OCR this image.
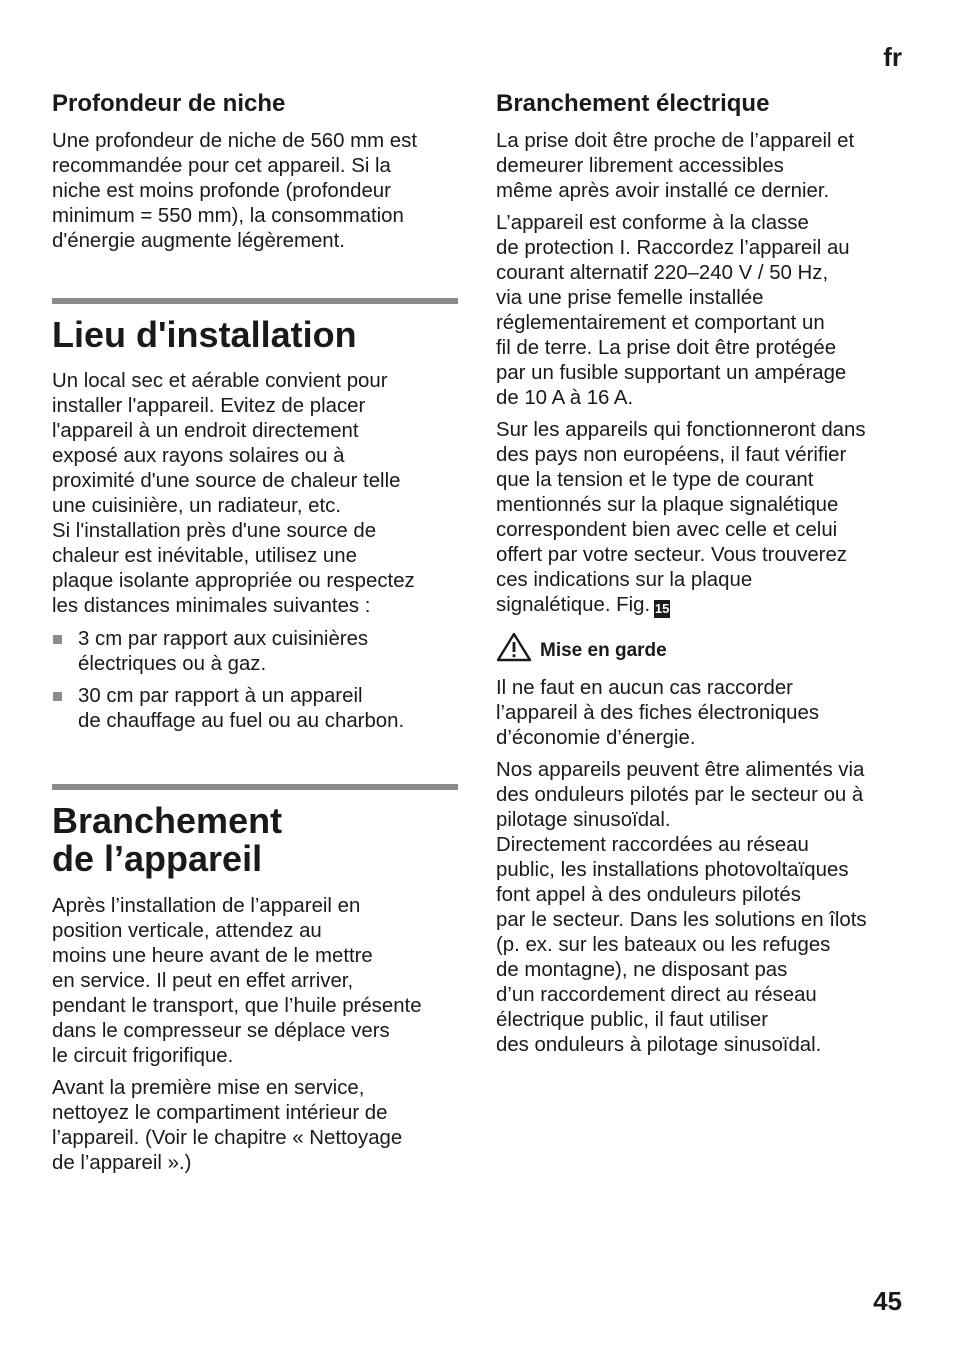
fr
Profondeur de niche

Une profondeur de niche de 560 mm est
recommandée pour cet appareil. Si la
niche est moins profonde (profondeur
minimum = 550 mm), la consommation
d'énergie augmente légèrement.

Lieu d'installation

Un local sec et aérable convient pour
installer l'appareil. Evitez de placer
l'appareil à un endroit directement
exposé aux rayons solaires ou à
proximité d'une source de chaleur telle
une cuisinière, un radiateur, etc.
Si l'installation près d'une source de
chaleur est inévitable, utilisez une
plaque isolante appropriée ou respectez
les distances minimales suivantes :

3 cm par rapport aux cuisinières
électriques ou à gaz.
30 cm par rapport à un appareil
de chauffage au fuel ou au charbon.
Branchement
de l’appareil

Après l’installation de l’appareil en
position verticale, attendez au
moins une heure avant de le mettre
en service. Il peut en effet arriver,
pendant le transport, que l’huile présente
dans le compresseur se déplace vers
le circuit frigorifique.

Avant la première mise en service,
nettoyez le compartiment intérieur de
l’appareil. (Voir le chapitre « Nettoyage
de l’appareil ».)

Branchement électrique

La prise doit être proche de l’appareil et
demeurer librement accessibles
même après avoir installé ce dernier.

L’appareil est conforme à la classe
de protection I. Raccordez l’appareil au
courant alternatif 220–240 V / 50 Hz,
via une prise femelle installée
réglementairement et comportant un
fil de terre. La prise doit être protégée
par un fusible supportant un ampérage
de 10 A à 16 A.

Sur les appareils qui fonctionneront dans
des pays non européens, il faut vérifier
que la tension et le type de courant
mentionnés sur la plaque signalétique
correspondent bien avec celle et celui
offert par votre secteur. Vous trouverez
ces indications sur la plaque
signalétique. Fig. 15

Mise en garde

Il ne faut en aucun cas raccorder
l’appareil à des fiches électroniques
d’économie d’énergie.

Nos appareils peuvent être alimentés via
des onduleurs pilotés par le secteur ou à
pilotage sinusoïdal.
Directement raccordées au réseau
public, les installations photovoltaïques
font appel à des onduleurs pilotés
par le secteur. Dans les solutions en îlots
(p. ex. sur les bateaux ou les refuges
de montagne), ne disposant pas
d’un raccordement direct au réseau
électrique public, il faut utiliser
des onduleurs à pilotage sinusoïdal.

45
